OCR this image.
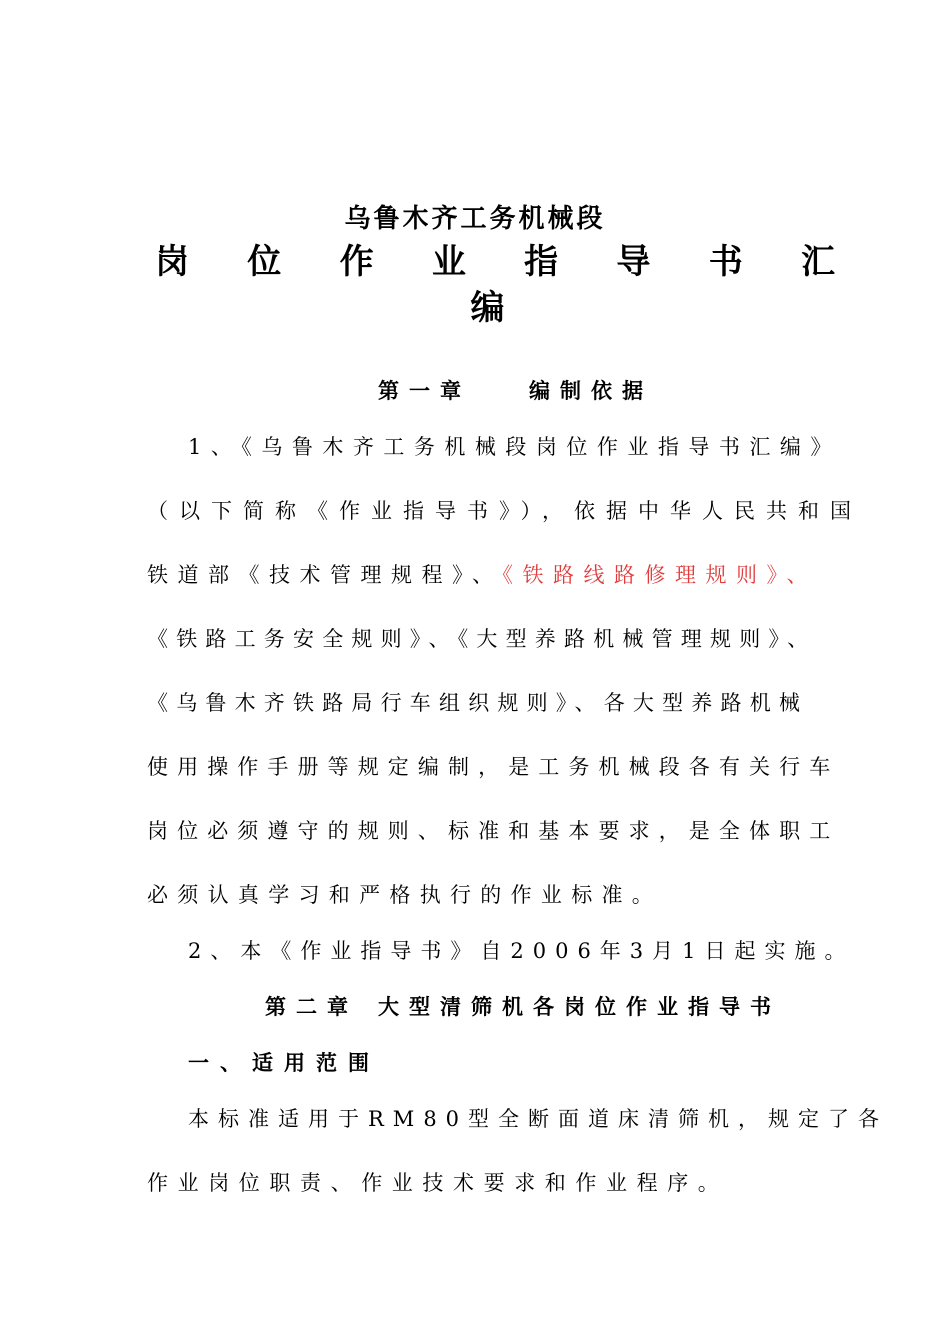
乌鲁木齐工务机械段
岗 位 作 业 指 导 书 汇
编
第一章	编制依据
1、《乌鲁木齐工务机械段岗位作业指导书汇编》
（以下简称《作业指导书》），依据中华人民共和国
铁道部《技术管理规程》、《铁路线路修理规则》、
《铁路工务安全规则》、《大型养路机械管理规则》、
《乌鲁木齐铁路局行车组织规则》、各大型养路机械
使用操作手册等规定编制，是工务机械段各有关行车
岗位必须遵守的规则、标准和基本要求，是全体职工
必须认真学习和严格执行的作业标准。
2、本《作业指导书》自2006年3月1日起实施。
第二章 大型清筛机各岗位作业指导书
一、适用范围
本标准适用于RM80型全断面道床清筛机，规定了各
作业岗位职责、作业技术要求和作业程序。
